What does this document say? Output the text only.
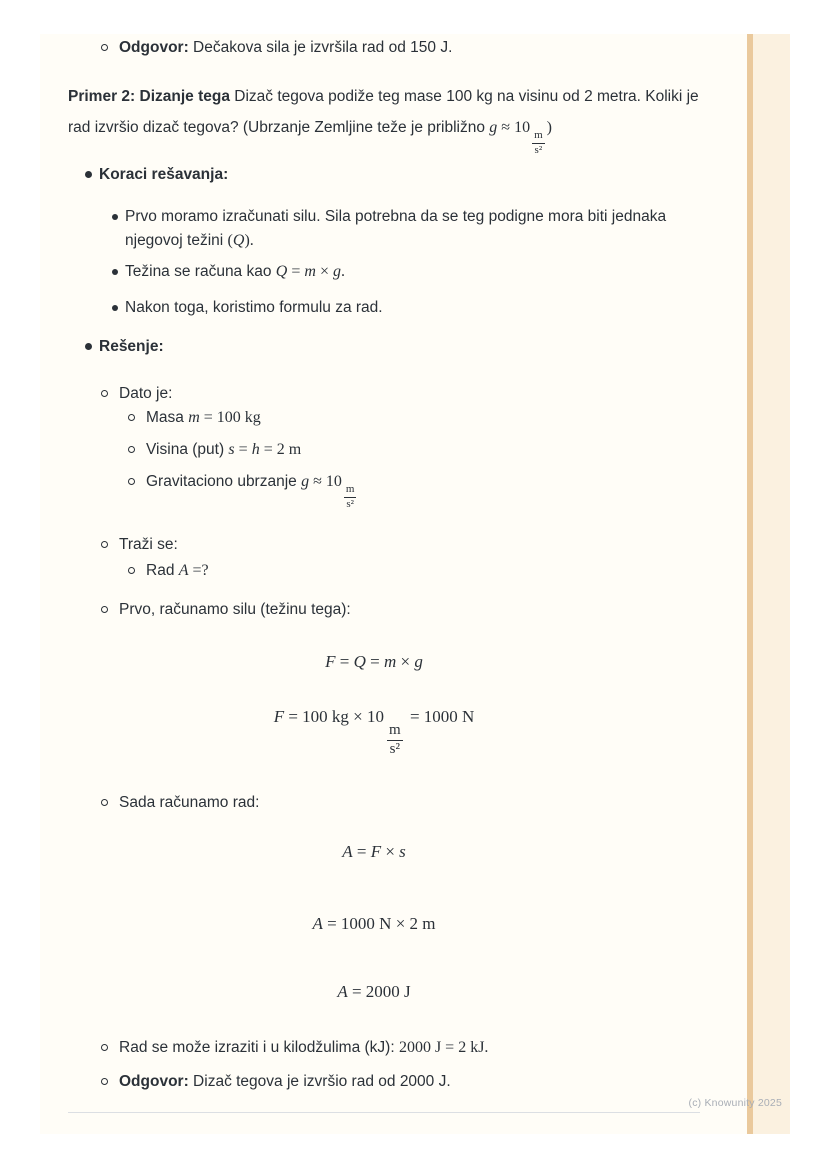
Odgovor: Dečakova sila je izvršila rad od 150 J.
Primer 2: Dizanje tega Dizač tegova podiže teg mase 100 kg na visinu od 2 metra. Koliki je rad izvršio dizač tegova? (Ubrzanje Zemljine teže je približno g ≈ 10
$\frac{m}{\text{s²}}$
)
Koraci rešavanja:
Prvo moramo izračunati silu. Sila potrebna da se teg podigne mora biti jednaka njegovoj težini (Q).
Težina se računa kao Q = m × g.
Nakon toga, koristimo formulu za rad.
Rešenje:
Dato je:
Masa m = 100 kg
Visina (put) s = h = 2 m
Gravitaciono ubrzanje g ≈ 10
$\frac{m}{\text{s²}}$
Traži se:
Rad A =?
Prvo, računamo silu (težinu tega):
F = Q = m × g
F = 100 kg × 10
$\frac{m}{\text{s²}}$
= 1000 N
Sada računamo rad:
A = F × s
A = 1000 N × 2 m
A = 2000 J
Rad se može izraziti i u kilodžulima (kJ): 2000 J = 2 kJ.
Odgovor: Dizač tegova je izvršio rad od 2000 J.
(c) Knowunity 2025
